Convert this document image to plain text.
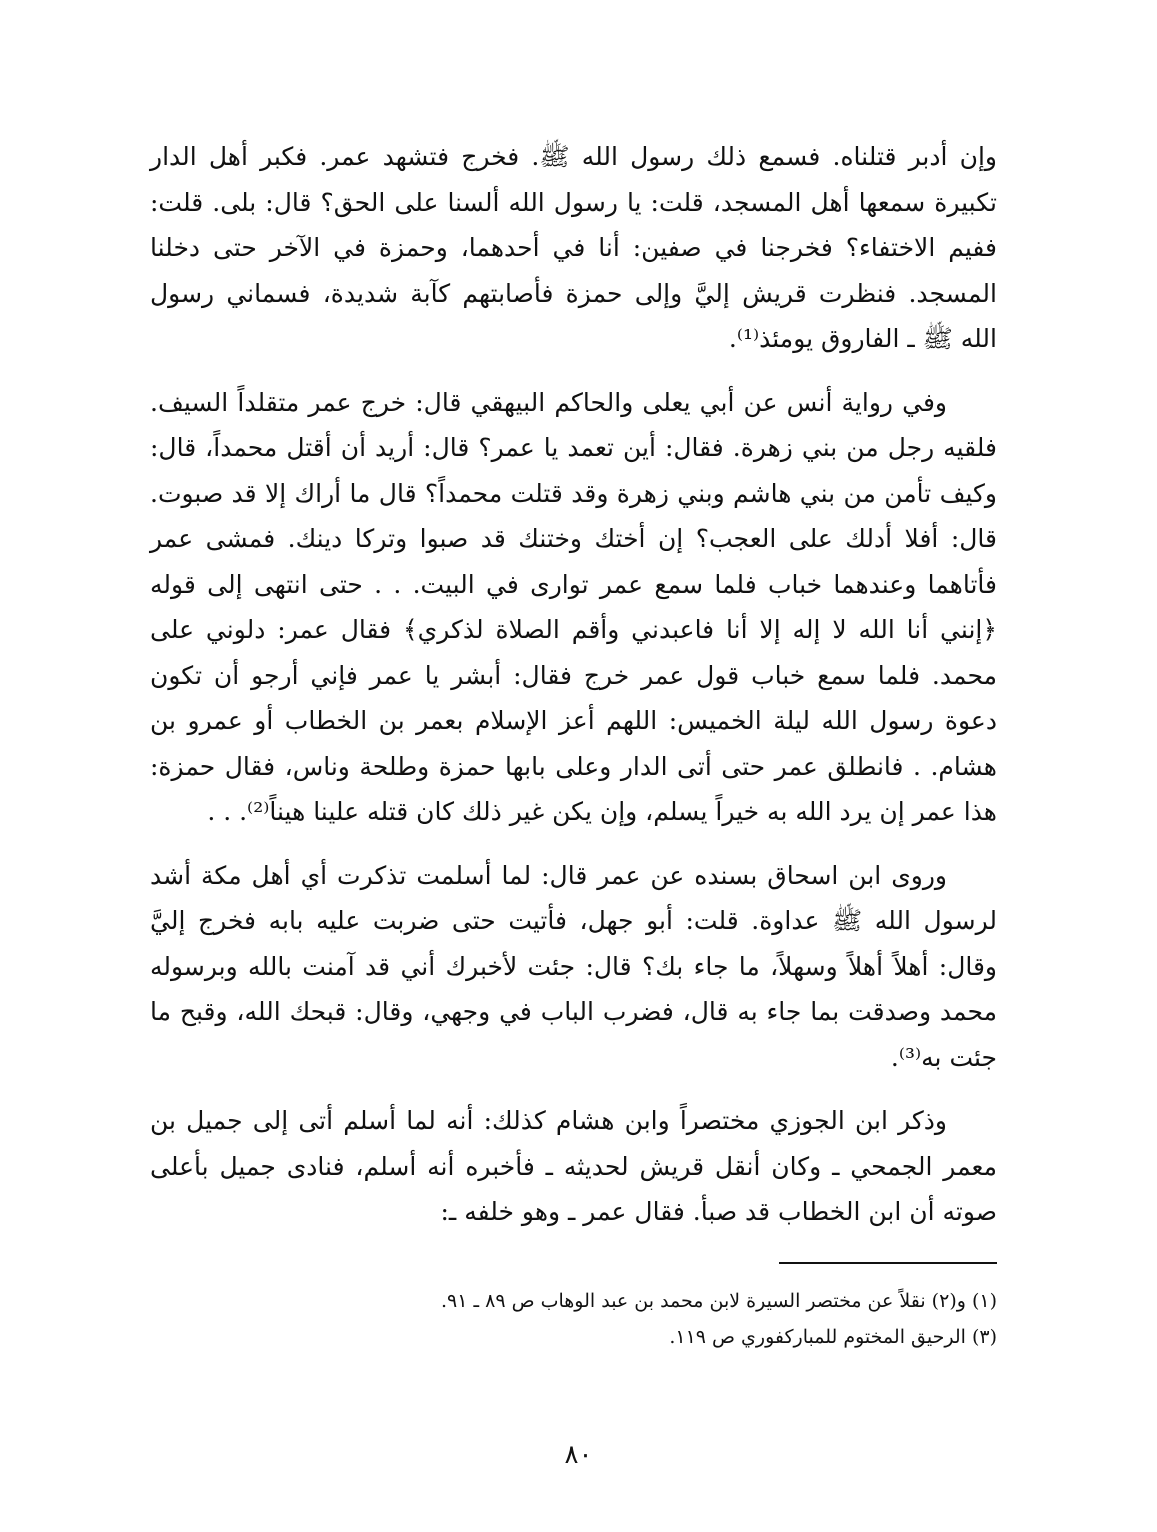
وإن أدبر قتلناه. فسمع ذلك رسول الله ﷺ. فخرج فتشهد عمر. فكبر أهل الدار تكبيرة سمعها أهل المسجد، قلت: يا رسول الله ألسنا على الحق؟ قال: بلى. قلت: ففيم الاختفاء؟ فخرجنا في صفين: أنا في أحدهما، وحمزة في الآخر حتى دخلنا المسجد. فنظرت قريش إليَّ وإلى حمزة فأصابتهم كآبة شديدة، فسماني رسول الله ﷺ ـ الفاروق يومئذ⁽¹⁾.

وفي رواية أنس عن أبي يعلى والحاكم البيهقي قال: خرج عمر متقلداً السيف. فلقيه رجل من بني زهرة. فقال: أين تعمد يا عمر؟ قال: أريد أن أقتل محمداً، قال: وكيف تأمن من بني هاشم وبني زهرة وقد قتلت محمداً؟ قال ما أراك إلا قد صبوت. قال: أفلا أدلك على العجب؟ إن أختك وختنك قد صبوا وتركا دينك. فمشى عمر فأتاهما وعندهما خباب فلما سمع عمر توارى في البيت. . . حتى انتهى إلى قوله ﴿إنني أنا الله لا إله إلا أنا فاعبدني وأقم الصلاة لذكري﴾ فقال عمر: دلوني على محمد. فلما سمع خباب قول عمر خرج فقال: أبشر يا عمر فإني أرجو أن تكون دعوة رسول الله ليلة الخميس: اللهم أعز الإسلام بعمر بن الخطاب أو عمرو بن هشام. . فانطلق عمر حتى أتى الدار وعلى بابها حمزة وطلحة وناس، فقال حمزة: هذا عمر إن يرد الله به خيراً يسلم، وإن يكن غير ذلك كان قتله علينا هيناً⁽²⁾. . .

وروى ابن اسحاق بسنده عن عمر قال: لما أسلمت تذكرت أي أهل مكة أشد لرسول الله ﷺ عداوة. قلت: أبو جهل، فأتيت حتى ضربت عليه بابه فخرج إليَّ وقال: أهلاً أهلاً وسهلاً، ما جاء بك؟ قال: جئت لأخبرك أني قد آمنت بالله وبرسوله محمد وصدقت بما جاء به قال، فضرب الباب في وجهي، وقال: قبحك الله، وقبح ما جئت به⁽³⁾.

وذكر ابن الجوزي مختصراً وابن هشام كذلك: أنه لما أسلم أتى إلى جميل بن معمر الجمحي ـ وكان أنقل قريش لحديثه ـ فأخبره أنه أسلم، فنادى جميل بأعلى صوته أن ابن الخطاب قد صبأ. فقال عمر ـ وهو خلفه ـ:

(١) و(٢) نقلاً عن مختصر السيرة لابن محمد بن عبد الوهاب ص ٨٩ ـ ٩١.

(٣) الرحيق المختوم للمباركفوري ص ١١٩.

٨٠
